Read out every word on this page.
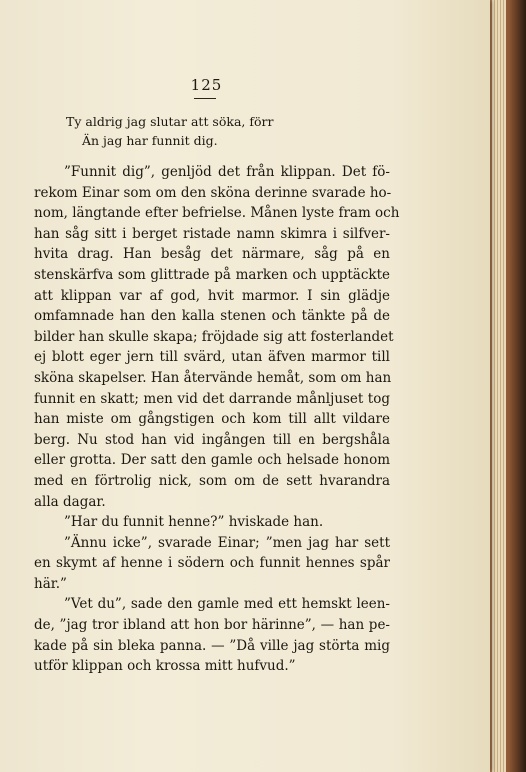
125
Ty aldrig jag slutar att söka, förr
Än jag har funnit dig.
”Funnit dig”, genljöd det från klippan. Det fö-
rekom Einar som om den sköna derinne svarade ho-
nom, längtande efter befrielse. Månen lyste fram och
han såg sitt i berget ristade namn skimra i silfver-
hvita drag. Han besåg det närmare, såg på en
stenskärfva som glittrade på marken och upptäckte
att klippan var af god, hvit marmor. I sin glädje
omfamnade han den kalla stenen och tänkte på de
bilder han skulle skapa; fröjdade sig att fosterlandet
ej blott eger jern till svärd, utan äfven marmor till
sköna skapelser. Han återvände hemåt, som om han
funnit en skatt; men vid det darrande månljuset tog
han miste om gångstigen och kom till allt vildare
berg. Nu stod han vid ingången till en bergshåla
eller grotta. Der satt den gamle och helsade honom
med en förtrolig nick, som om de sett hvarandra
alla dagar.
”Har du funnit henne?” hviskade han.
”Ännu icke”, svarade Einar; ”men jag har sett
en skymt af henne i södern och funnit hennes spår
här.”
”Vet du”, sade den gamle med ett hemskt leen-
de, ”jag tror ibland att hon bor härinne”, — han pe-
kade på sin bleka panna. — ”Då ville jag störta mig
utför klippan och krossa mitt hufvud.”
